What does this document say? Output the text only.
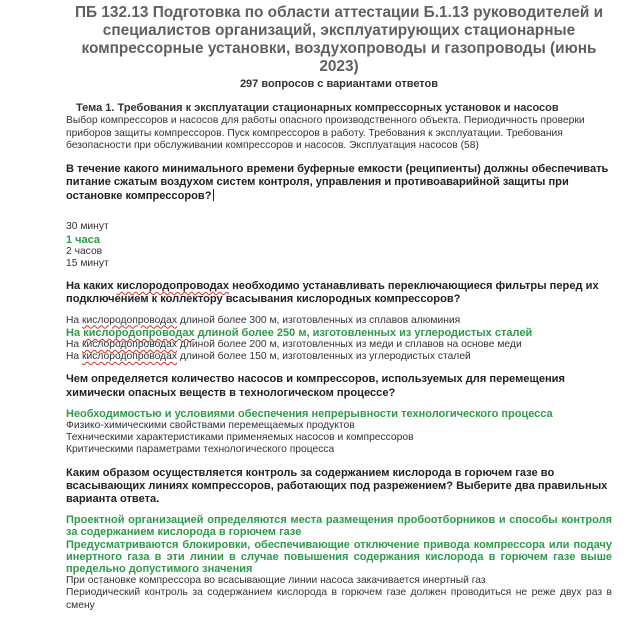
ПБ 132.13 Подготовка по области аттестации Б.1.13 руководителей и специалистов организаций, эксплуатирующих стационарные компрессорные установки, воздухопроводы и газопроводы (июнь 2023)
297 вопросов с вариантами ответов
Тема 1. Требования к эксплуатации стационарных компрессорных установок и насосов
Выбор компрессоров и насосов для работы опасного производственного объекта. Периодичность проверки приборов защиты компрессоров. Пуск компрессоров в работу. Требования к эксплуатации. Требования безопасности при обслуживании компрессоров и насосов. Эксплуатация насосов (58)
В течение какого минимального времени буферные емкости (реципиенты) должны обеспечивать питание сжатым воздухом систем контроля, управления и противоаварийной защиты при остановке компрессоров?
30 минут
1 часа
2 часов
15 минут
На каких кислородопроводах необходимо устанавливать переключающиеся фильтры перед их подключением к коллектору всасывания кислородных компрессоров?
На кислородопроводах длиной более 300 м, изготовленных из сплавов алюминия
На кислородопроводах длиной более 250 м, изготовленных из углеродистых сталей
На кислородопроводах длиной более 200 м, изготовленных из меди и сплавов на основе меди
На кислородопроводах длиной более 150 м, изготовленных из углеродистых сталей
Чем определяется количество насосов и компрессоров, используемых для перемещения химически опасных веществ в технологическом процессе?
Необходимостью и условиями обеспечения непрерывности технологического процесса
Физико-химическими свойствами перемещаемых продуктов
Техническими характеристиками применяемых насосов и компрессоров
Критическими параметрами технологического процесса
Каким образом осуществляется контроль за содержанием кислорода в горючем газе во всасывающих линиях компрессоров, работающих под разрежением? Выберите два правильных варианта ответа.
Проектной организацией определяются места размещения пробоотборников и способы контроля за содержанием кислорода в горючем газе
Предусматриваются блокировки, обеспечивающие отключение привода компрессора или подачу инертного газа в эти линии в случае повышения содержания кислорода в горючем газе выше предельно допустимого значения
При остановке компрессора во всасывающие линии насоса закачивается инертный газ
Периодический контроль за содержанием кислорода в горючем газе должен проводиться не реже двух раз в смену
